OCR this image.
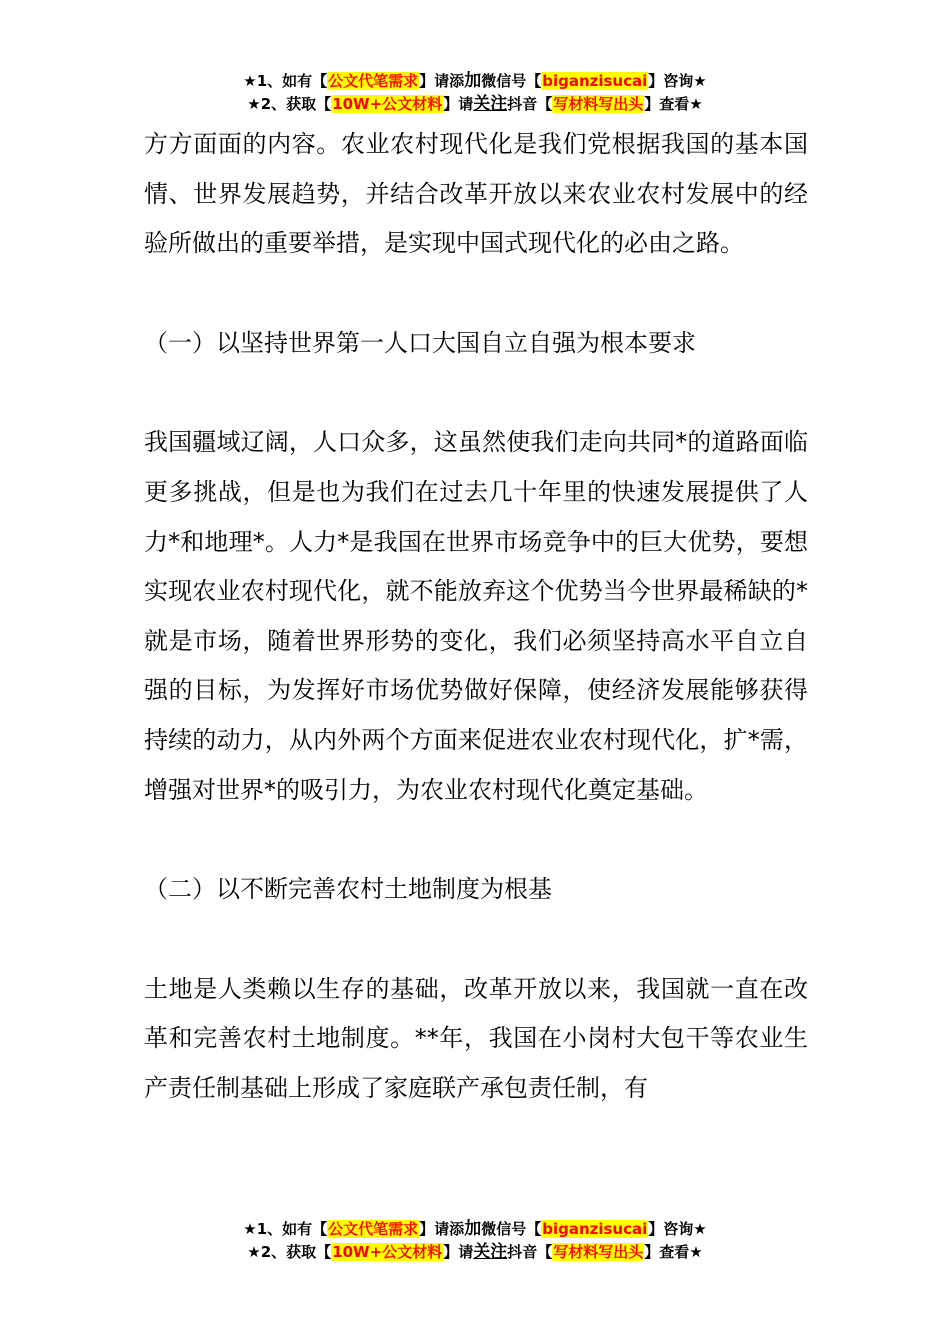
★1、如有【公文代笔需求】请添加微信号【biganzisucai】咨询★
★2、获取【10W+公文材料】请关注抖音【写材料写出头】查看★

方方面面的内容。农业农村现代化是我们党根据我国的基本国情、世界发展趋势，并结合改革开放以来农业农村发展中的经验所做出的重要举措，是实现中国式现代化的必由之路。

（一）以坚持世界第一人口大国自立自强为根本要求

我国疆域辽阔，人口众多，这虽然使我们走向共同*的道路面临更多挑战，但是也为我们在过去几十年里的快速发展提供了人力*和地理*。人力*是我国在世界市场竞争中的巨大优势，要想实现农业农村现代化，就不能放弃这个优势当今世界最稀缺的*就是市场，随着世界形势的变化，我们必须坚持高水平自立自强的目标，为发挥好市场优势做好保障，使经济发展能够获得持续的动力，从内外两个方面来促进农业农村现代化，扩*需，增强对世界*的吸引力，为农业农村现代化奠定基础。

（二）以不断完善农村土地制度为根基

土地是人类赖以生存的基础，改革开放以来，我国就一直在改革和完善农村土地制度。**年，我国在小岗村大包干等农业生产责任制基础上形成了家庭联产承包责任制，有

★1、如有【公文代笔需求】请添加微信号【biganzisucai】咨询★
★2、获取【10W+公文材料】请关注抖音【写材料写出头】查看★
